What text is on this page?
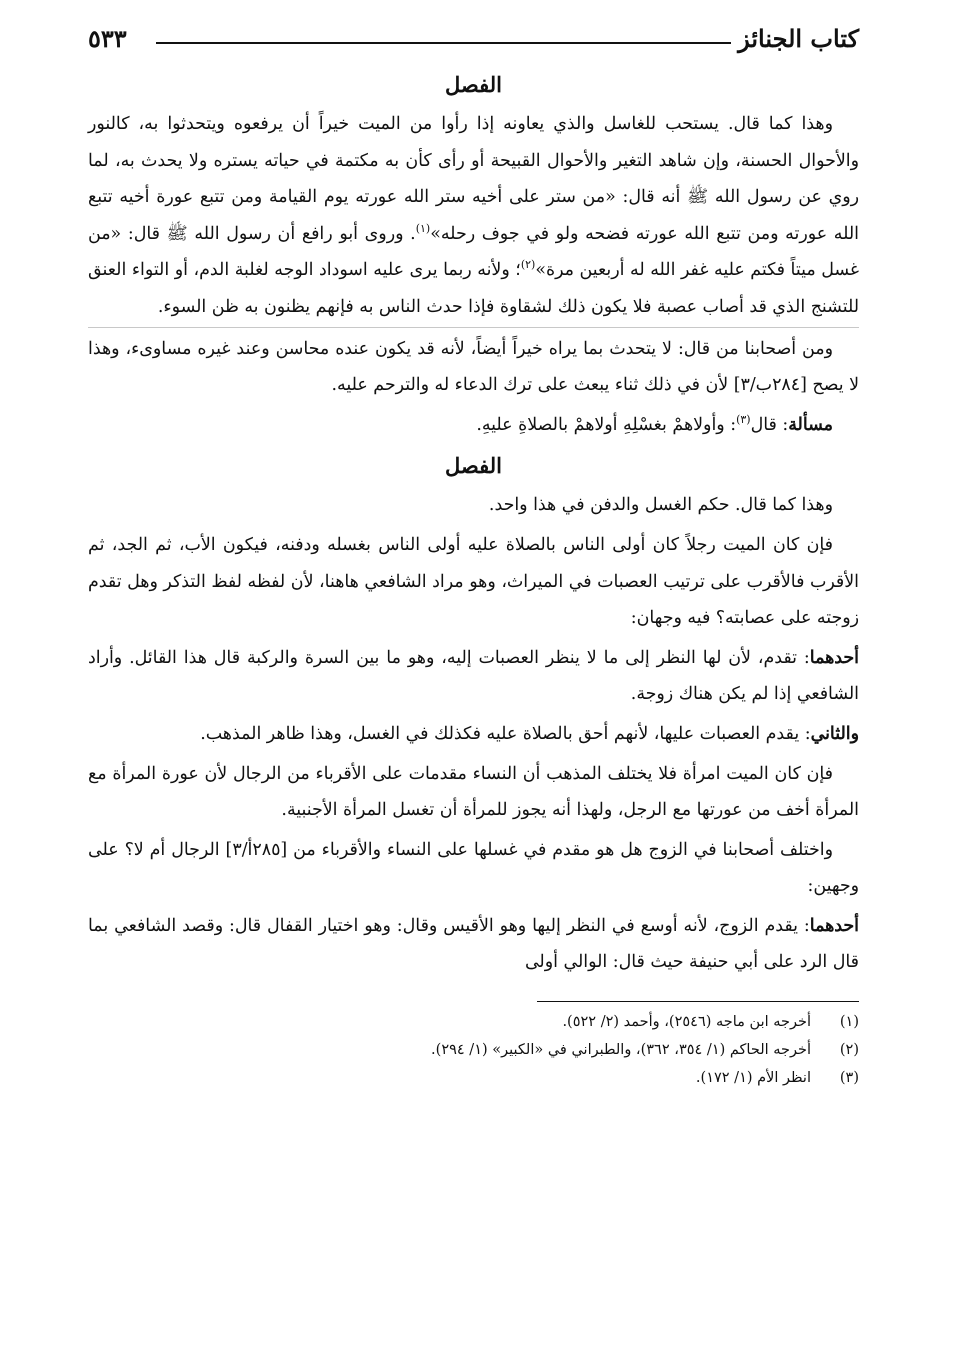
كتاب الجنائز
٥٣٣
الفصل

وهذا كما قال. يستحب للغاسل والذي يعاونه إذا رأوا من الميت خيراً أن يرفعوه ويتحدثوا به، كالنور والأحوال الحسنة، وإن شاهد التغير والأحوال القبيحة أو رأى كأن به مكتمة في حياته يستره ولا يحدث به، لما روي عن رسول الله ﷺ أنه قال: «من ستر على أخيه ستر الله عورته يوم القيامة ومن تتبع عورة أخيه تتبع الله عورته ومن تتبع الله عورته فضحه ولو في جوف رحله»$^{(١)}$. وروى أبو رافع أن رسول الله ﷺ قال: «من غسل ميتاً فكتم عليه غفر الله له أربعين مرة»$^{(٢)}$؛ ولأنه ربما يرى عليه اسوداد الوجه لغلبة الدم، أو التواء العنق للتشنج الذي قد أصاب عصبة فلا يكون ذلك لشقاوة فإذا حدث الناس به فإنهم يظنون به ظن السوء.

ومن أصحابنا من قال: لا يتحدث بما يراه خيراً أيضاً، لأنه قد يكون عنده محاسن وعند غيره مساوىء، وهذا لا يصح [٢٨٤ب/٣] لأن في ذلك ثناء يبعث على ترك الدعاء له والترحم عليه.

مسألة: قال$^{(٣)}$: وأولاهمْ بغسْلِهِ أولاهمْ بالصلاةِ عليهِ.

الفصل

وهذا كما قال. حكم الغسل والدفن في هذا واحد.

فإن كان الميت رجلاً كان أولى الناس بالصلاة عليه أولى الناس بغسله ودفنه، فيكون الأب، ثم الجد، ثم الأقرب فالأقرب على ترتيب العصبات في الميراث، وهو مراد الشافعي هاهنا، لأن لفظه لفظ التذكر وهل تقدم زوجته على عصابته؟ فيه وجهان:

أحدهما: تقدم، لأن لها النظر إلى ما لا ينظر العصبات إليه، وهو ما بين السرة والركبة قال هذا القائل. وأراد الشافعي إذا لم يكن هناك زوجة.

والثاني: يقدم العصبات عليها، لأنهم أحق بالصلاة عليه فكذلك في الغسل، وهذا ظاهر المذهب.

فإن كان الميت امرأة فلا يختلف المذهب أن النساء مقدمات على الأقرباء من الرجال لأن عورة المرأة مع المرأة أخف من عورتها مع الرجل، ولهذا أنه يجوز للمرأة أن تغسل المرأة الأجنبية.

واختلف أصحابنا في الزوج هل هو مقدم في غسلها على النساء والأقرباء من [٢٨٥أ/٣] الرجال أم لا؟ على وجهين:

أحدهما: يقدم الزوج، لأنه أوسع في النظر إليها وهو الأقيس وقال: وهو اختيار القفال قال: وقصد الشافعي بما قال الرد على أبي حنيفة حيث قال: الوالي أولى

(١)
أخرجه ابن ماجه (٢٥٤٦)، وأحمد (٢/ ٥٢٢).
(٢)
أخرجه الحاكم (١/ ٣٥٤، ٣٦٢)، والطبراني في «الكبير» (١/ ٢٩٤).
(٣)
انظر الأم (١/ ١٧٢).
